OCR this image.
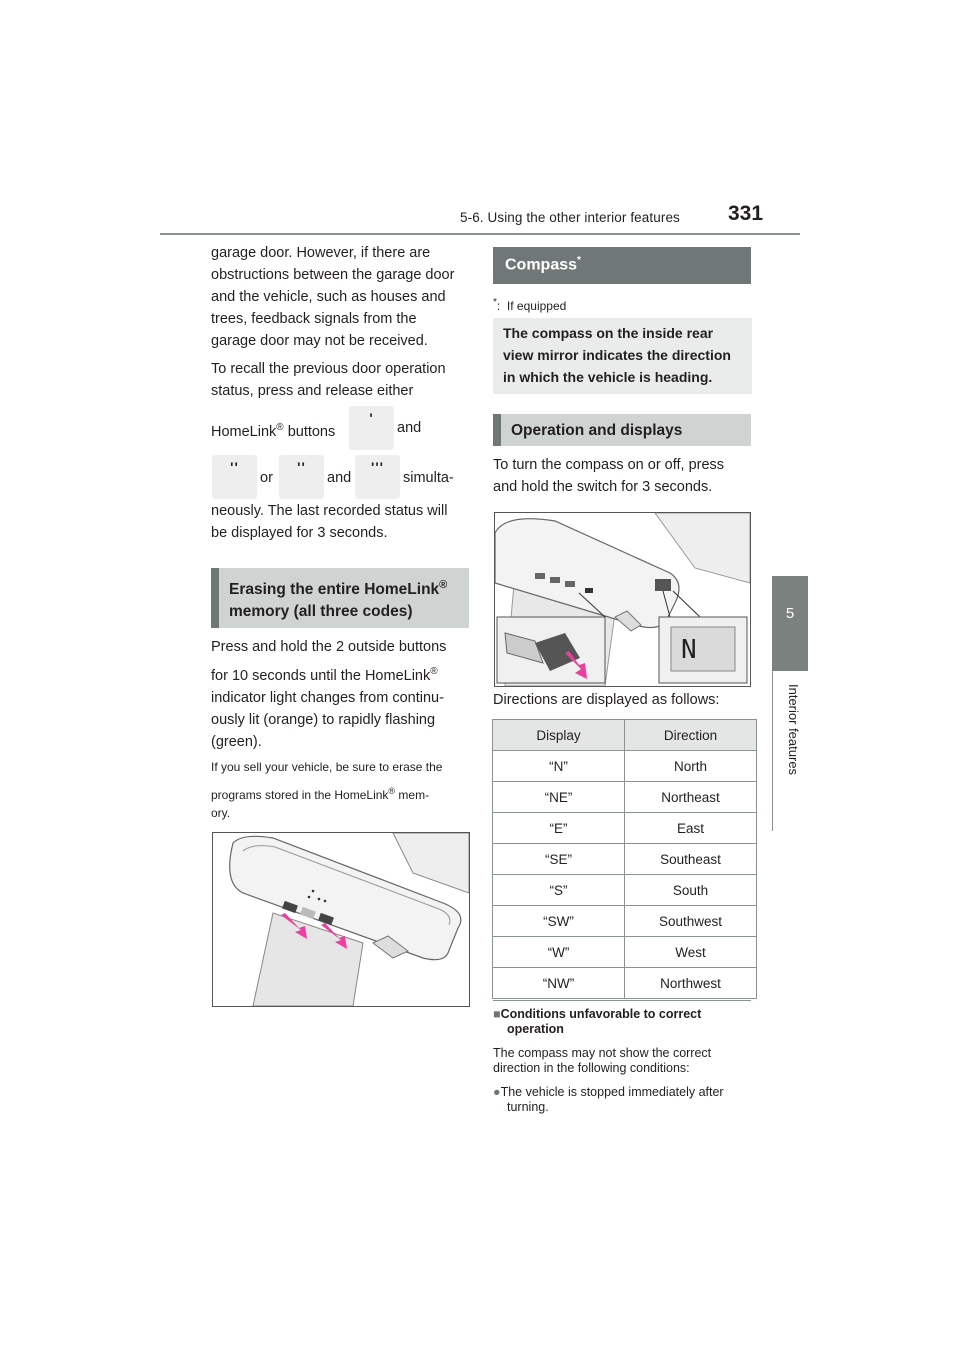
5-6. Using the other interior features 331
5
Interior features
garage door. However, if there are
obstructions between the garage door
and the vehicle, such as houses and
trees, feedback signals from the
garage door may not be received.
To recall the previous door operation
status, press and release either
HomeLink® buttons
'
and
''
or
''
and
'''
simulta-
neously. The last recorded status will
be displayed for 3 seconds.
Erasing the entire HomeLink®
memory (all three codes)
Press and hold the 2 outside buttons
for 10 seconds until the HomeLink®
indicator light changes from continu-
ously lit (orange) to rapidly flashing
(green).
If you sell your vehicle, be sure to erase the
programs stored in the HomeLink® mem-
ory.
Compass*
*:  If equipped
The compass on the inside rear
view mirror indicates the direction
in which the vehicle is heading.
Operation and displays
To turn the compass on or off, press
and hold the switch for 3 seconds.
N
Directions are displayed as follows:
Display	Direction
“N”	North
“NE”	Northeast
“E”	East
“SE”	Southeast
“S”	South
“SW”	Southwest
“W”	West
“NW”	Northwest
■Conditions unfavorable to correct
operation
The compass may not show the correct
direction in the following conditions:
●The vehicle is stopped immediately after
turning.
